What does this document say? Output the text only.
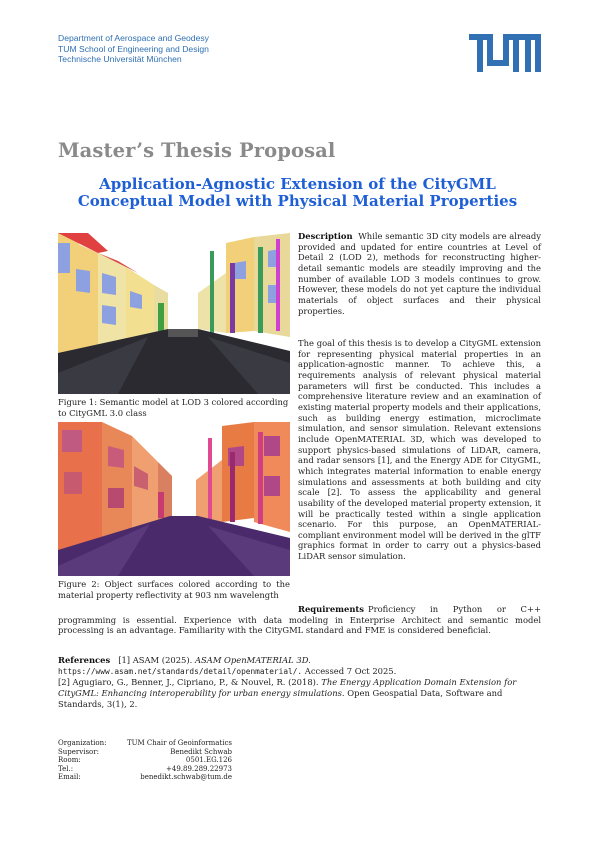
Department of Aerospace and Geodesy
TUM School of Engineering and Design
Technische Universität München
Master’s Thesis Proposal
Application-Agnostic Extension of the CityGML
Conceptual Model with Physical Material Properties
Figure 1: Semantic model at LOD 3 colored according to CityGML 3.0 class
Figure 2: Object surfaces colored according to the material property reflectivity at 903 nm wavelength
Description While semantic 3D city models are already provided and updated for entire countries at Level of Detail 2 (LOD 2), methods for reconstructing higher-detail semantic models are steadily improving and the number of available LOD 3 models continues to grow. However, these models do not yet capture the individual materials of object surfaces and their physical properties.
The goal of this thesis is to develop a CityGML extension for representing physical material properties in an application-agnostic manner. To achieve this, a requirements analysis of relevant physical material parameters will first be conducted. This includes a comprehensive literature review and an examination of existing material property models and their applications, such as building energy estimation, microclimate simulation, and sensor simulation. Relevant extensions include OpenMATERIAL 3D, which was developed to support physics-based simulations of LiDAR, camera, and radar sensors [1], and the Energy ADE for CityGML, which integrates material information to enable energy simulations and assessments at both building and city scale [2]. To assess the applicability and general usability of the developed material property extension, it will be practically tested within a single application scenario. For this purpose, an OpenMATERIAL-compliant environment model will be derived in the glTF graphics format in order to carry out a physics-based LiDAR sensor simulation.
Requirements Proficiency in Python or C++ programming is essential. Experience with data modeling in Enterprise Architect and semantic model processing is an advantage. Familiarity with the CityGML standard and FME is considered beneficial.
References [1] ASAM (2025). ASAM OpenMATERIAL 3D. https://www.asam.net/standards/detail/openmaterial/. Accessed 7 Oct 2025.
[2] Agugiaro, G., Benner, J., Cipriano, P., & Nouvel, R. (2018). The Energy Application Domain Extension for CityGML: Enhancing interoperability for urban energy simulations. Open Geospatial Data, Software and Standards, 3(1), 2.
Organization:	TUM Chair of Geoinformatics
Supervisor:	Benedikt Schwab
Room:	0501.EG.126
Tel.:	+49.89.289.22973
Email:	benedikt.schwab@tum.de
